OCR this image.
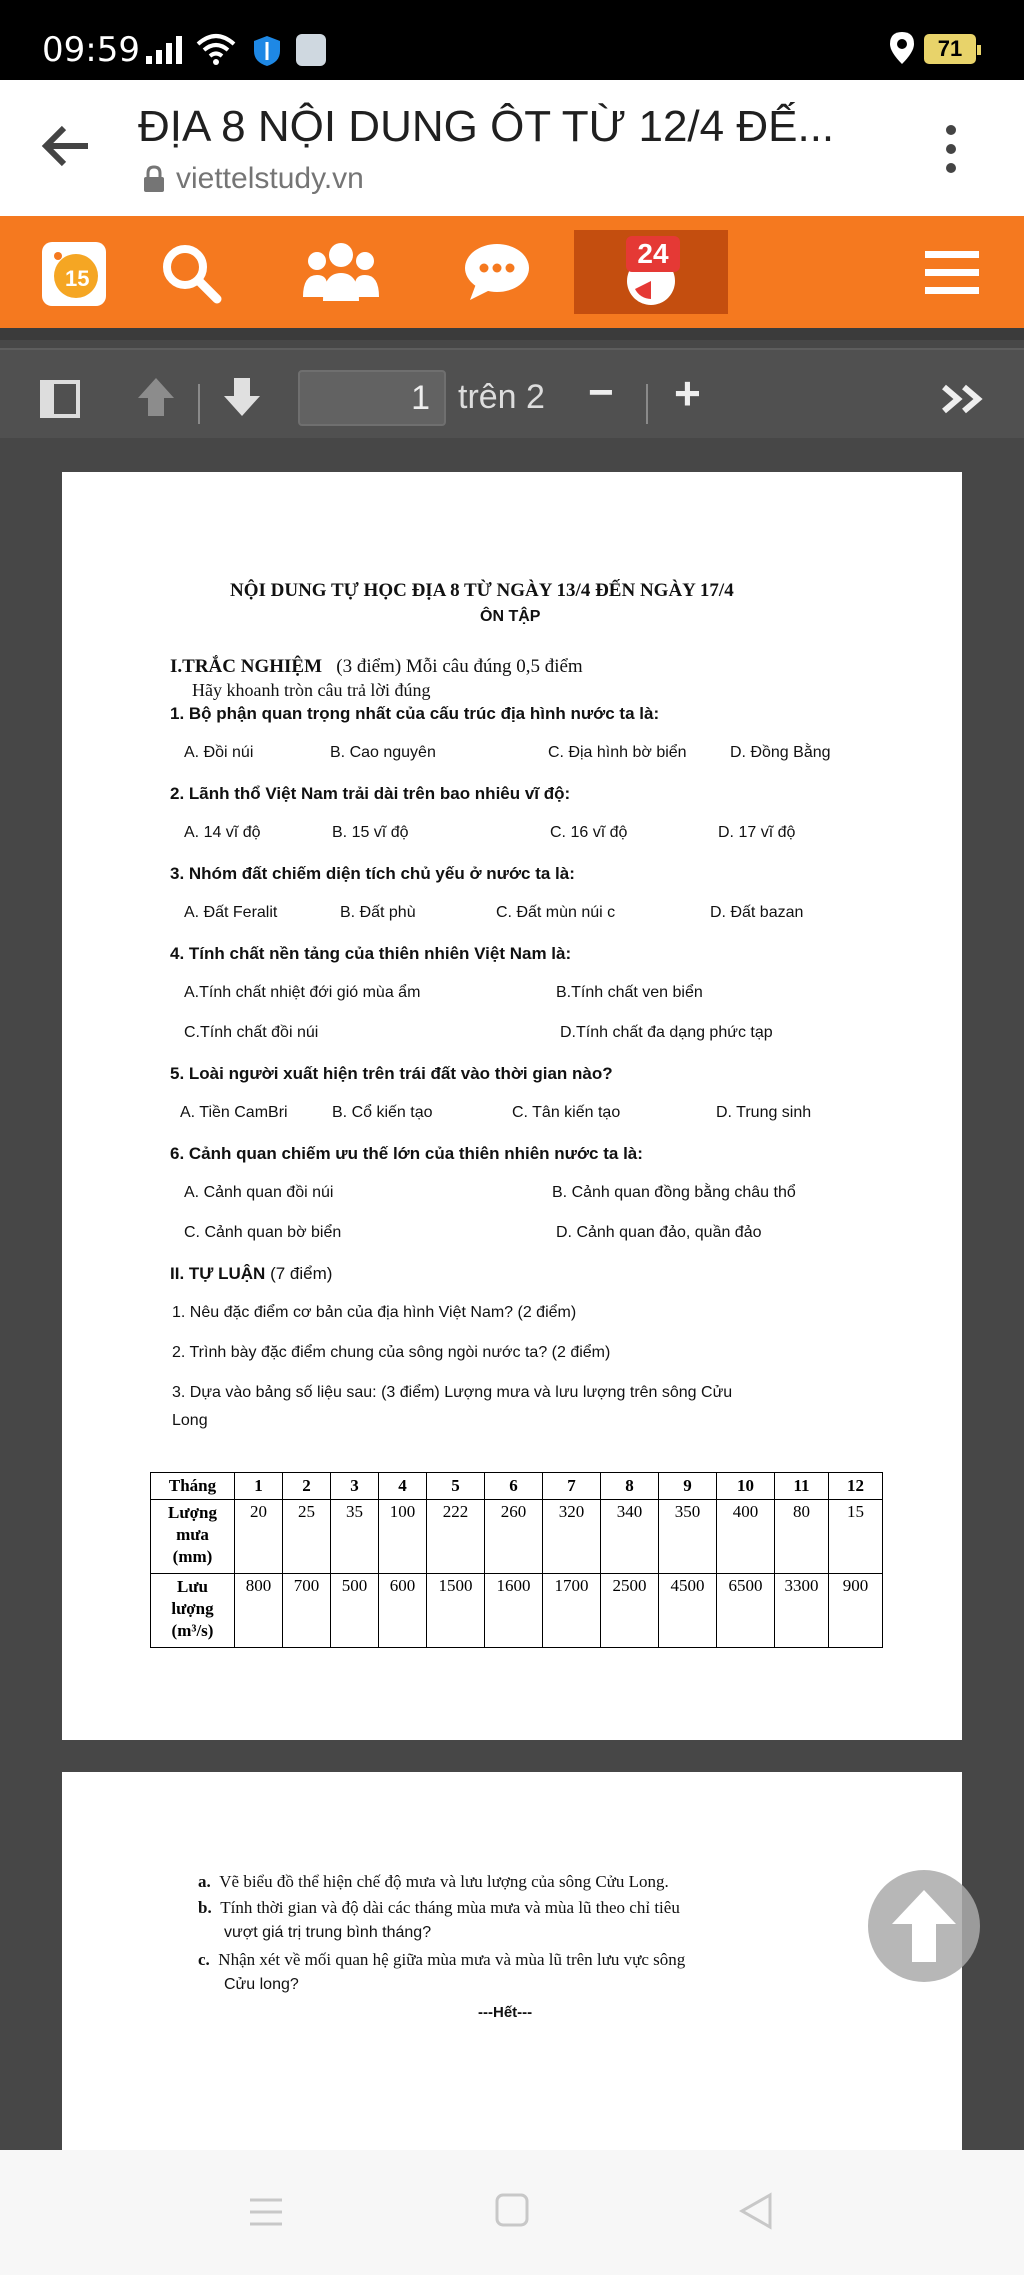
09:59	71
ĐỊA 8 NỘI DUNG ÔT TỪ 12/4 ĐẾ...
viettelstudy.vn
15
24
1 trên 2 − +
NỘI DUNG TỰ HỌC ĐỊA 8 TỪ NGÀY 13/4 ĐẾN NGÀY 17/4
ÔN TẬP
I.TRẮC NGHIỆM (3 điểm) Mỗi câu đúng 0,5 điểm
Hãy khoanh tròn câu trả lời đúng
1. Bộ phận quan trọng nhất của cấu trúc địa hình nước ta là:
A. Đồi núi	B. Cao nguyên	C. Địa hình bờ biển	D. Đồng Bằng
2. Lãnh thổ Việt Nam trải dài trên bao nhiêu vĩ độ:
A. 14 vĩ độ	B. 15 vĩ độ	C. 16 vĩ độ	D. 17 vĩ độ
3. Nhóm đất chiếm diện tích chủ yếu ở nước ta là:
A. Đất Feralit	B. Đất phù	C. Đất mùn núi c	D. Đất bazan
4. Tính chất nền tảng của thiên nhiên Việt Nam là:
A.Tính chất nhiệt đới gió mùa ẩm	B.Tính chất ven biển
C.Tính chất đồi núi	D.Tính chất đa dạng phức tạp
5. Loài người xuất hiện trên trái đất vào thời gian nào?
A. Tiền CamBri	B. Cổ kiến tạo	C. Tân kiến tạo	D. Trung sinh
6. Cảnh quan chiếm ưu thế lớn của thiên nhiên nước ta là:
A. Cảnh quan đồi núi	B. Cảnh quan đồng bằng châu thổ
C. Cảnh quan bờ biển	D. Cảnh quan đảo, quần đảo
II. TỰ LUẬN (7 điểm)
1. Nêu đặc điểm cơ bản của địa hình Việt Nam? (2 điểm)
2. Trình bày đặc điểm chung của sông ngòi nước ta? (2 điểm)
3. Dựa vào bảng số liệu sau: (3 điểm) Lượng mưa và lưu lượng trên sông Cửu
Long
Tháng	1	2	3	4	5	6	7	8	9	10	11	12

Lượng
mưa
(mm)	20	25	35	100	222	260	320	340	350	400	80	15

Lưu
lượng
(m³/s)	800	700	500	600	1500	1600	1700	2500	4500	6500	3300	900
a. Vẽ biểu đồ thể hiện chế độ mưa và lưu lượng của sông Cửu Long.
b. Tính thời gian và độ dài các tháng mùa mưa và mùa lũ theo chỉ tiêu
vượt giá trị trung bình tháng?
c. Nhận xét về mối quan hệ giữa mùa mưa và mùa lũ trên lưu vực sông
Cửu long?
---Hết---
